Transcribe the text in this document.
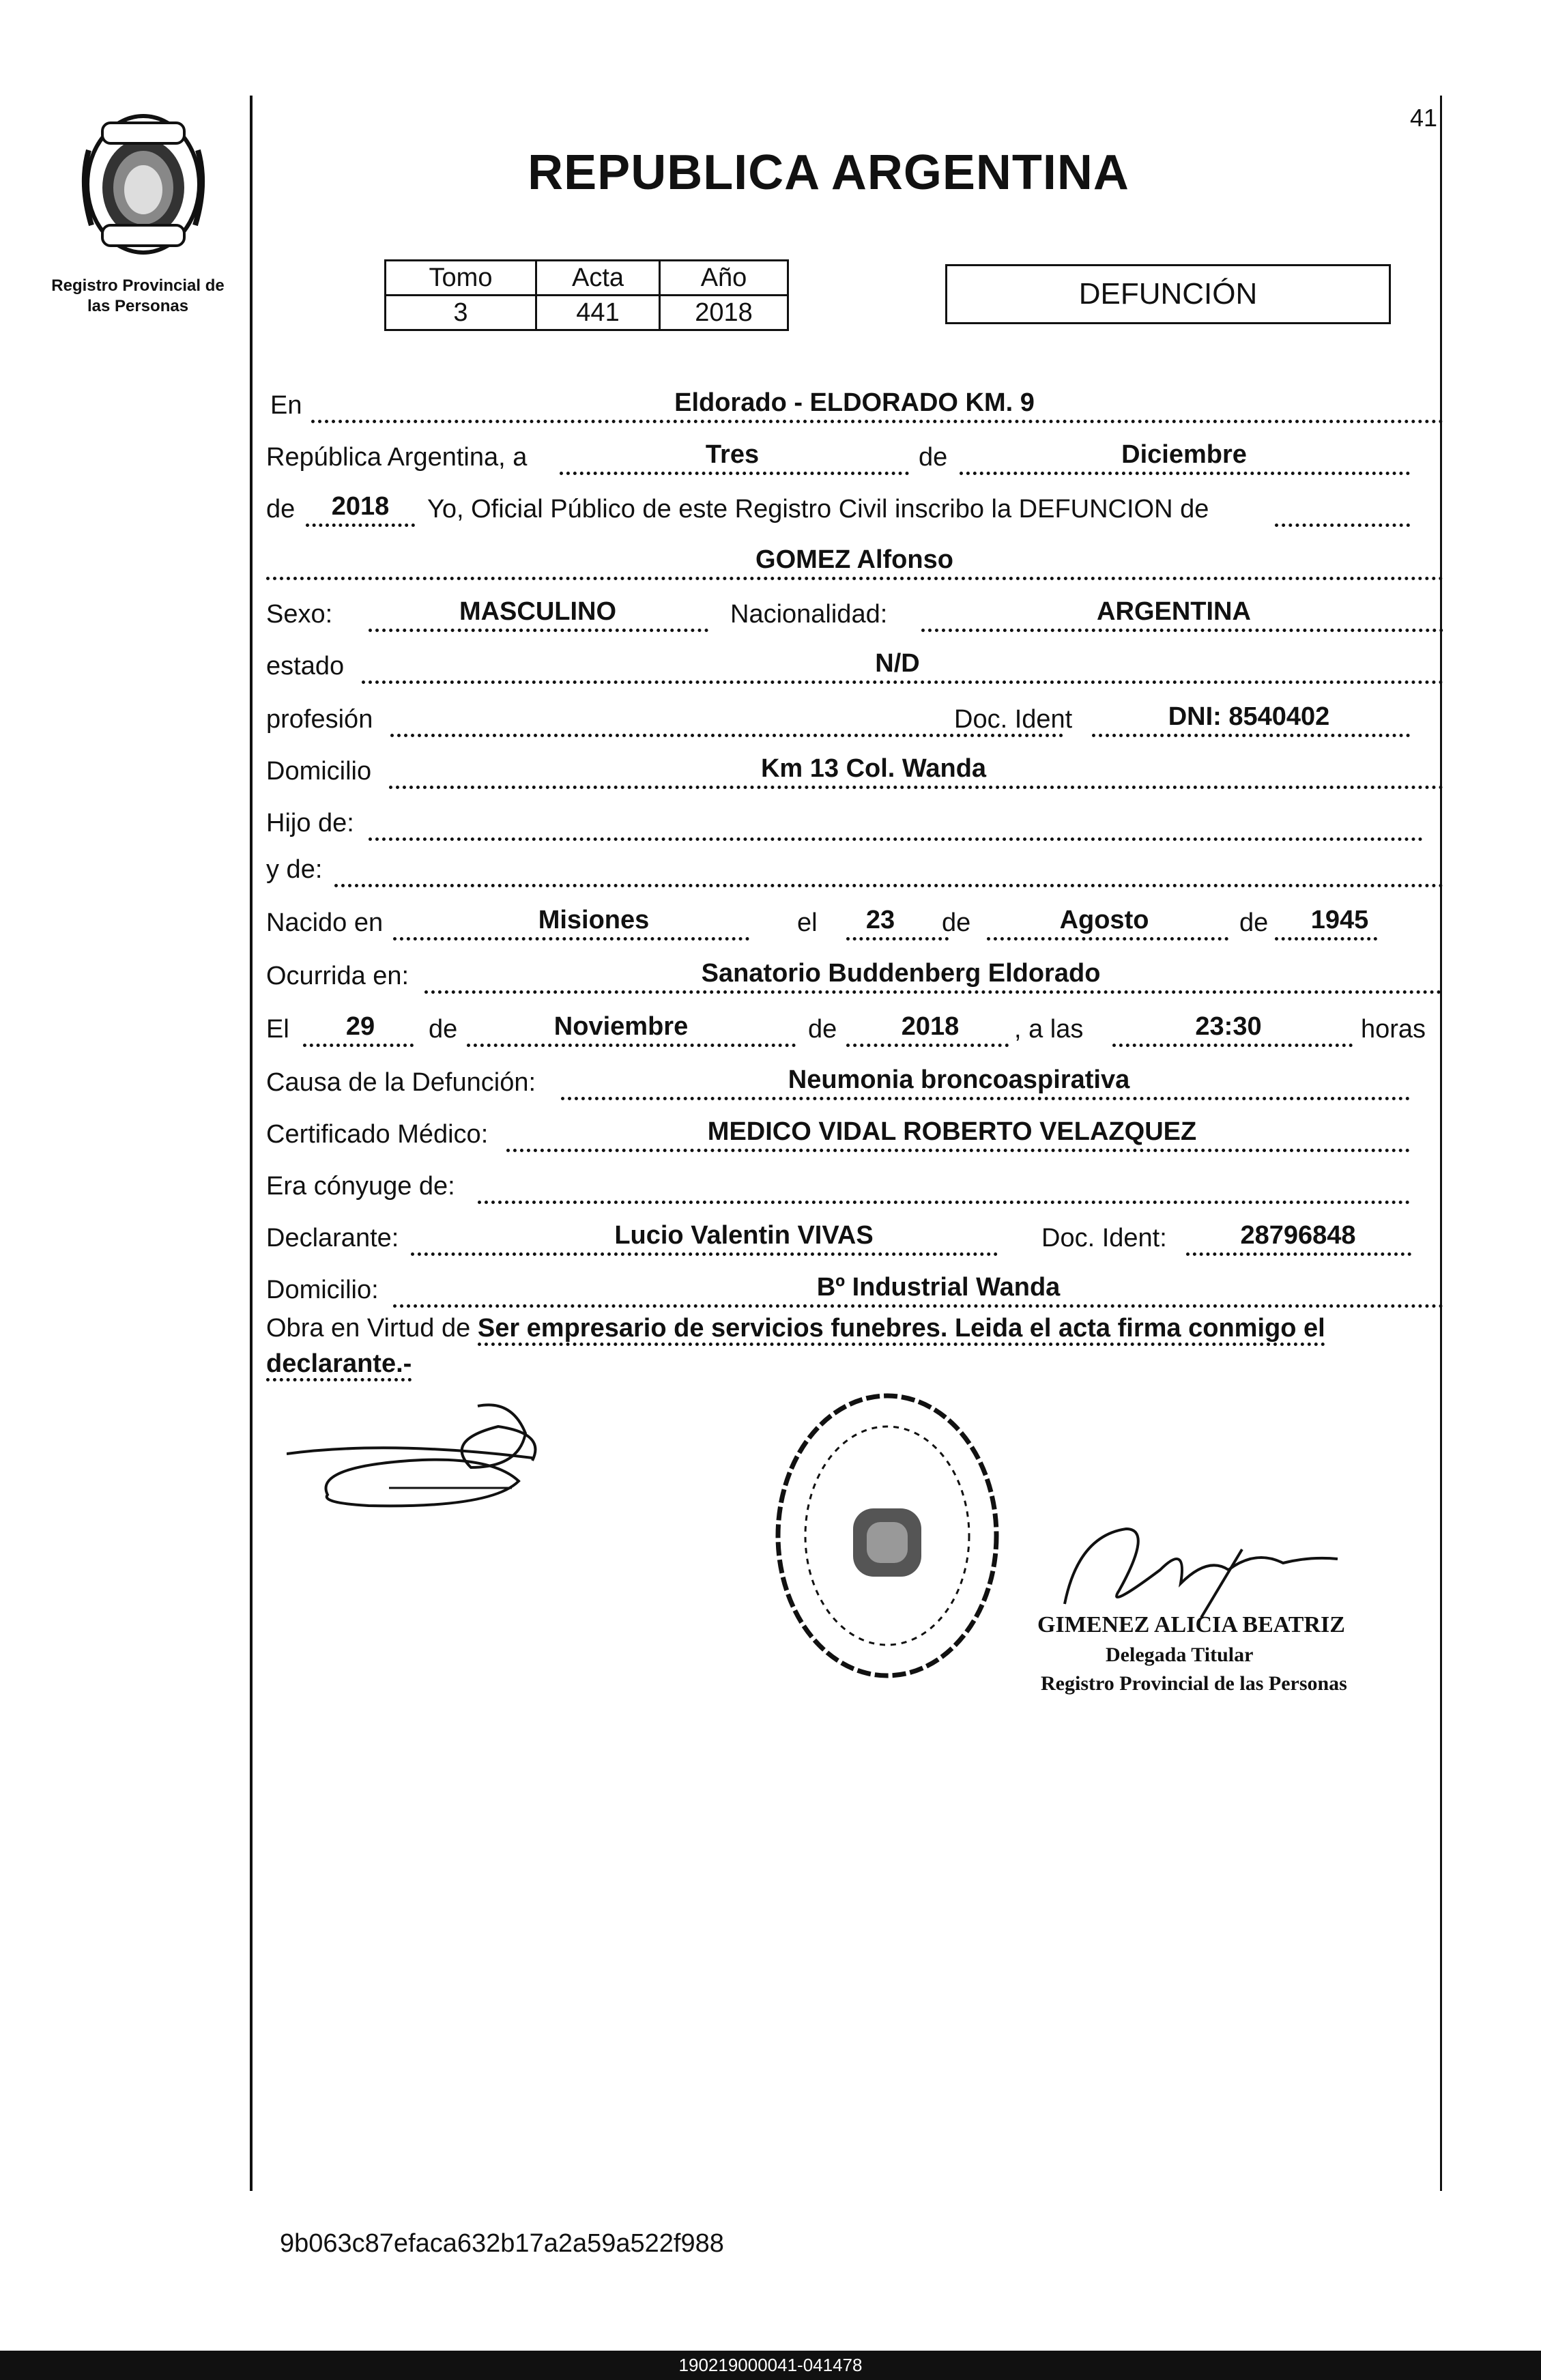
Registro Provincial de
las Personas
41
REPUBLICA ARGENTINA
Tomo	Acta	Año
3	441	2018
DEFUNCIÓN
En	Eldorado - ELDORADO KM. 9
República Argentina, a	Tres	de	Diciembre
de 2018 Yo, Oficial Público de este Registro Civil inscribo la DEFUNCION de
GOMEZ Alfonso
Sexo:	MASCULINO	Nacionalidad:	ARGENTINA
estado	N/D
profesión	Doc. Ident	DNI: 8540402
Domicilio	Km 13 Col. Wanda
Hijo de:
y de:
Nacido en	Misiones	el 23 de	Agosto	de 1945
Ocurrida en:	Sanatorio Buddenberg Eldorado
El 29 de	Noviembre	de 2018 , a las	23:30	horas
Causa de la Defunción:	Neumonia broncoaspirativa
Certificado Médico:	MEDICO VIDAL ROBERTO VELAZQUEZ
Era cónyuge de:
Declarante:	Lucio Valentin VIVAS	Doc. Ident:	28796848
Domicilio:	Bº Industrial Wanda
Obra en Virtud de Ser empresario de servicios funebres. Leida el acta firma conmigo el declarante.-
GIMENEZ ALICIA BEATRIZ
Delegada Titular
Registro Provincial de las Personas
9b063c87efaca632b17a2a59a522f988
190219000041-041478
